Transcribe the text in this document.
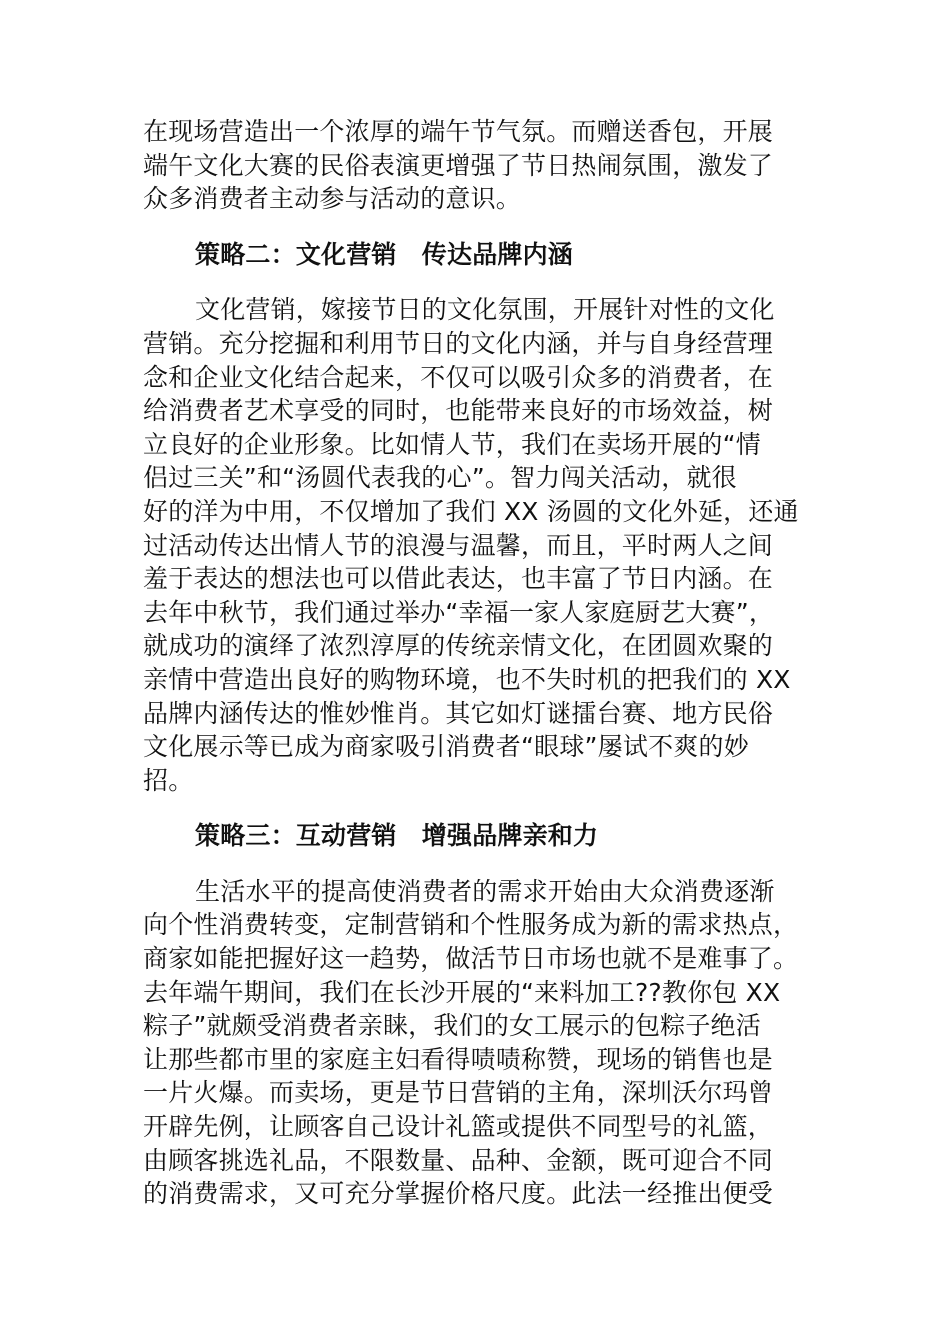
在现场营造出一个浓厚的端午节气氛。而赠送香包，开展
端午文化大赛的民俗表演更增强了节日热闹氛围，激发了
众多消费者主动参与活动的意识。
策略二：文化营销　传达品牌内涵
文化营销，嫁接节日的文化氛围，开展针对性的文化
营销。充分挖掘和利用节日的文化内涵，并与自身经营理
念和企业文化结合起来，不仅可以吸引众多的消费者，在
给消费者艺术享受的同时，也能带来良好的市场效益，树
立良好的企业形象。比如情人节，我们在卖场开展的“情
侣过三关”和“汤圆代表我的心”。智力闯关活动，就很
好的洋为中用，不仅增加了我们 XX 汤圆的文化外延，还通
过活动传达出情人节的浪漫与温馨，而且，平时两人之间
羞于表达的想法也可以借此表达，也丰富了节日内涵。在
去年中秋节，我们通过举办“幸福一家人家庭厨艺大赛”，
就成功的演绎了浓烈淳厚的传统亲情文化，在团圆欢聚的
亲情中营造出良好的购物环境，也不失时机的把我们的 XX
品牌内涵传达的惟妙惟肖。其它如灯谜擂台赛、地方民俗
文化展示等已成为商家吸引消费者“眼球”屡试不爽的妙
招。
策略三：互动营销　增强品牌亲和力
生活水平的提高使消费者的需求开始由大众消费逐渐
向个性消费转变，定制营销和个性服务成为新的需求热点，
商家如能把握好这一趋势，做活节日市场也就不是难事了。
去年端午期间，我们在长沙开展的“来料加工??教你包 XX
粽子”就颇受消费者亲睐，我们的女工展示的包粽子绝活
让那些都市里的家庭主妇看得啧啧称赞，现场的销售也是
一片火爆。而卖场，更是节日营销的主角，深圳沃尔玛曾
开辟先例，让顾客自己设计礼篮或提供不同型号的礼篮，
由顾客挑选礼品，不限数量、品种、金额，既可迎合不同
的消费需求，又可充分掌握价格尺度。此法一经推出便受
